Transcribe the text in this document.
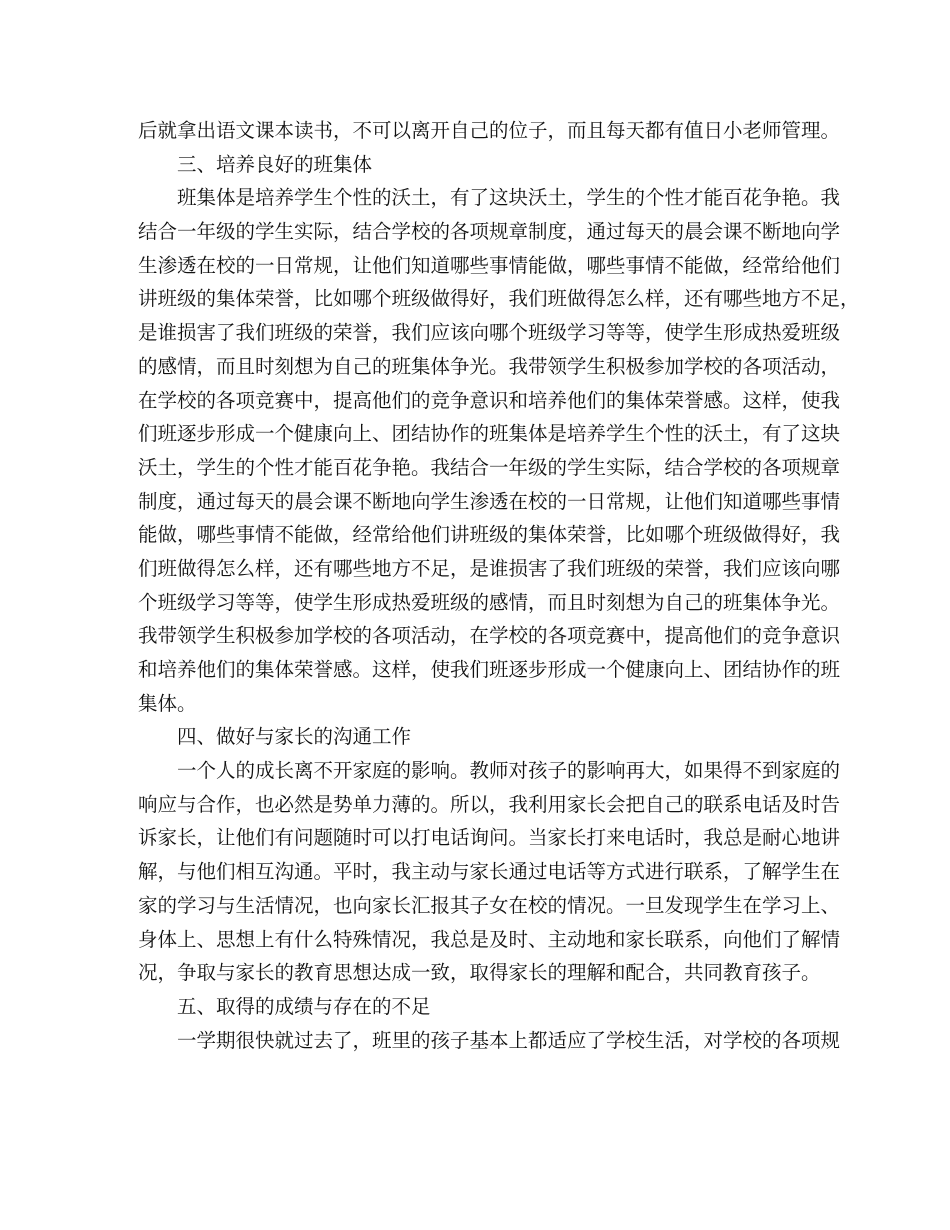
后就拿出语文课本读书，不可以离开自己的位子，而且每天都有值日小老师管理。
三、培养良好的班集体
班集体是培养学生个性的沃土，有了这块沃土，学生的个性才能百花争艳。我
结合一年级的学生实际，结合学校的各项规章制度，通过每天的晨会课不断地向学
生渗透在校的一日常规，让他们知道哪些事情能做，哪些事情不能做，经常给他们
讲班级的集体荣誉，比如哪个班级做得好，我们班做得怎么样，还有哪些地方不足，
是谁损害了我们班级的荣誉，我们应该向哪个班级学习等等，使学生形成热爱班级
的感情，而且时刻想为自己的班集体争光。我带领学生积极参加学校的各项活动，
在学校的各项竞赛中，提高他们的竞争意识和培养他们的集体荣誉感。这样，使我
们班逐步形成一个健康向上、团结协作的班集体是培养学生个性的沃土，有了这块
沃土，学生的个性才能百花争艳。我结合一年级的学生实际，结合学校的各项规章
制度，通过每天的晨会课不断地向学生渗透在校的一日常规，让他们知道哪些事情
能做，哪些事情不能做，经常给他们讲班级的集体荣誉，比如哪个班级做得好，我
们班做得怎么样，还有哪些地方不足，是谁损害了我们班级的荣誉，我们应该向哪
个班级学习等等，使学生形成热爱班级的感情，而且时刻想为自己的班集体争光。
我带领学生积极参加学校的各项活动，在学校的各项竞赛中，提高他们的竞争意识
和培养他们的集体荣誉感。这样，使我们班逐步形成一个健康向上、团结协作的班
集体。
四、做好与家长的沟通工作
一个人的成长离不开家庭的影响。教师对孩子的影响再大，如果得不到家庭的
响应与合作，也必然是势单力薄的。所以，我利用家长会把自己的联系电话及时告
诉家长，让他们有问题随时可以打电话询问。当家长打来电话时，我总是耐心地讲
解，与他们相互沟通。平时，我主动与家长通过电话等方式进行联系，了解学生在
家的学习与生活情况，也向家长汇报其子女在校的情况。一旦发现学生在学习上、
身体上、思想上有什么特殊情况，我总是及时、主动地和家长联系，向他们了解情
况，争取与家长的教育思想达成一致，取得家长的理解和配合，共同教育孩子。
五、取得的成绩与存在的不足
一学期很快就过去了，班里的孩子基本上都适应了学校生活，对学校的各项规
